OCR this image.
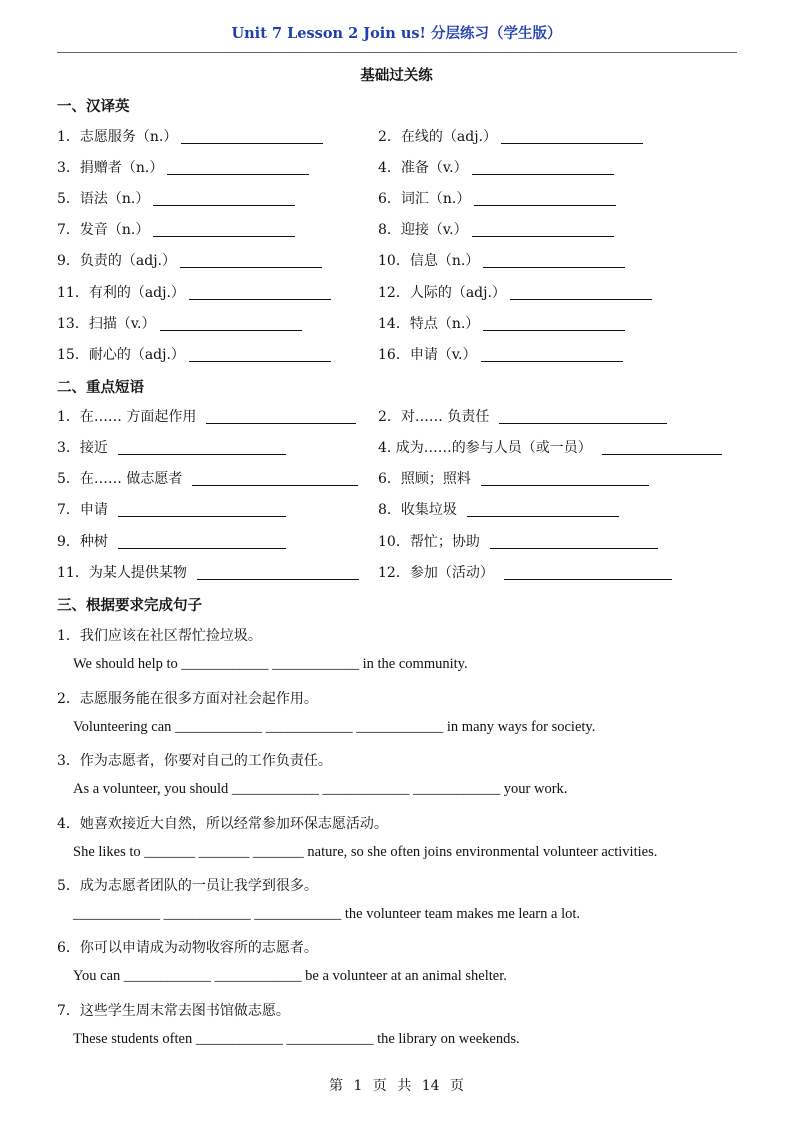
Unit 7 Lesson 2 Join us! 分层练习（学生版）
基础过关练
一、汉译英
1．志愿服务（n.）	2．在线的（adj.）
3．捐赠者（n.）	4．准备（v.）
5．语法（n.）	6．词汇（n.）
7．发音（n.）	8．迎接（v.）
9．负责的（adj.）	10．信息（n.）
11．有利的（adj.）	12．人际的（adj.）
13．扫描（v.）	14．特点（n.）
15．耐心的（adj.）	16．申请（v.）
二、重点短语
1．在…… 方面起作用	2．对…… 负责任
3．接近	4. 成为……的参与人员（或一员）
5．在…… 做志愿者	6．照顾；照料
7．申请	8．收集垃圾
9．种树	10．帮忙；协助
11．为某人提供某物	12．参加（活动）
三、根据要求完成句子
1．我们应该在社区帮忙捡垃圾。
We should help to ____________ ____________ in the community.
2．志愿服务能在很多方面对社会起作用。
Volunteering can ____________ ____________ ____________ in many ways for society.
3．作为志愿者，你要对自己的工作负责任。
As a volunteer, you should ____________ ____________ ____________ your work.
4．她喜欢接近大自然，所以经常参加环保志愿活动。
She likes to _______ _______ _______ nature, so she often joins environmental volunteer activities.
5．成为志愿者团队的一员让我学到很多。
____________ ____________ ____________ the volunteer team makes me learn a lot.
6．你可以申请成为动物收容所的志愿者。
You can ____________ ____________ be a volunteer at an animal shelter.
7．这些学生周末常去图书馆做志愿。
These students often ____________ ____________ the library on weekends.
第 1 页 共 14 页
